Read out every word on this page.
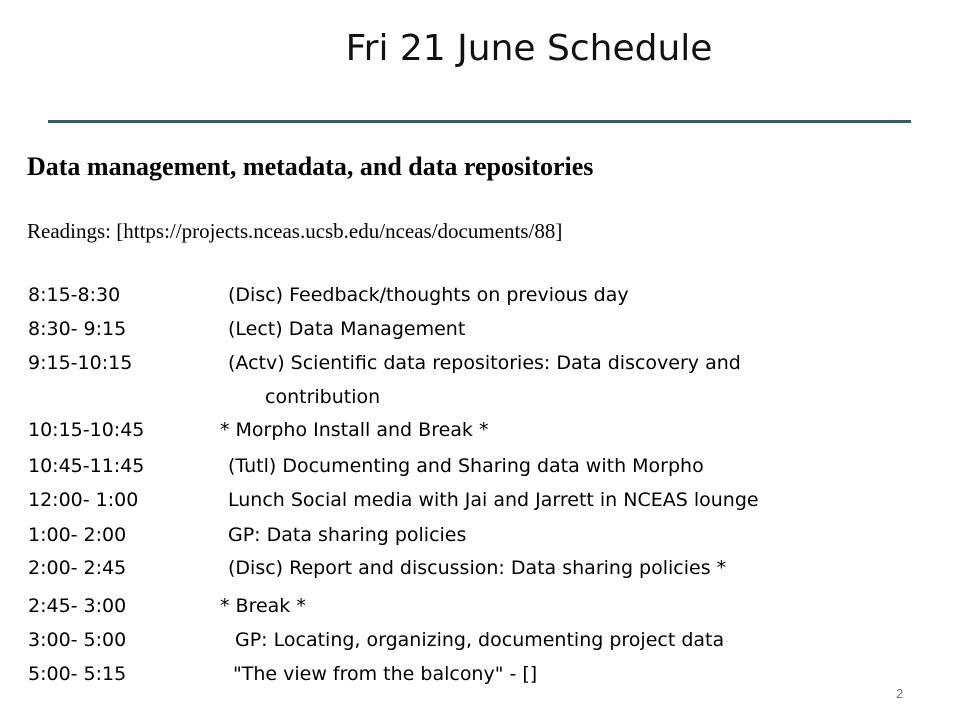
Fri 21 June Schedule
Data management, metadata, and data repositories
Readings: [https://projects.nceas.ucsb.edu/nceas/documents/88]
8:15-8:30	(Disc) Feedback/thoughts on previous day
8:30- 9:15	(Lect) Data Management
9:15-10:15	(Actv) Scientific data repositories: Data discovery and
contribution
10:15-10:45	* Morpho Install and Break *
10:45-11:45	(Tutl) Documenting and Sharing data with Morpho
12:00- 1:00	Lunch Social media with Jai and Jarrett in NCEAS lounge
1:00- 2:00	GP: Data sharing policies
2:00- 2:45	(Disc) Report and discussion: Data sharing policies *
2:45- 3:00	* Break *
3:00- 5:00	GP: Locating, organizing, documenting project data
5:00- 5:15	"The view from the balcony" - []
2
